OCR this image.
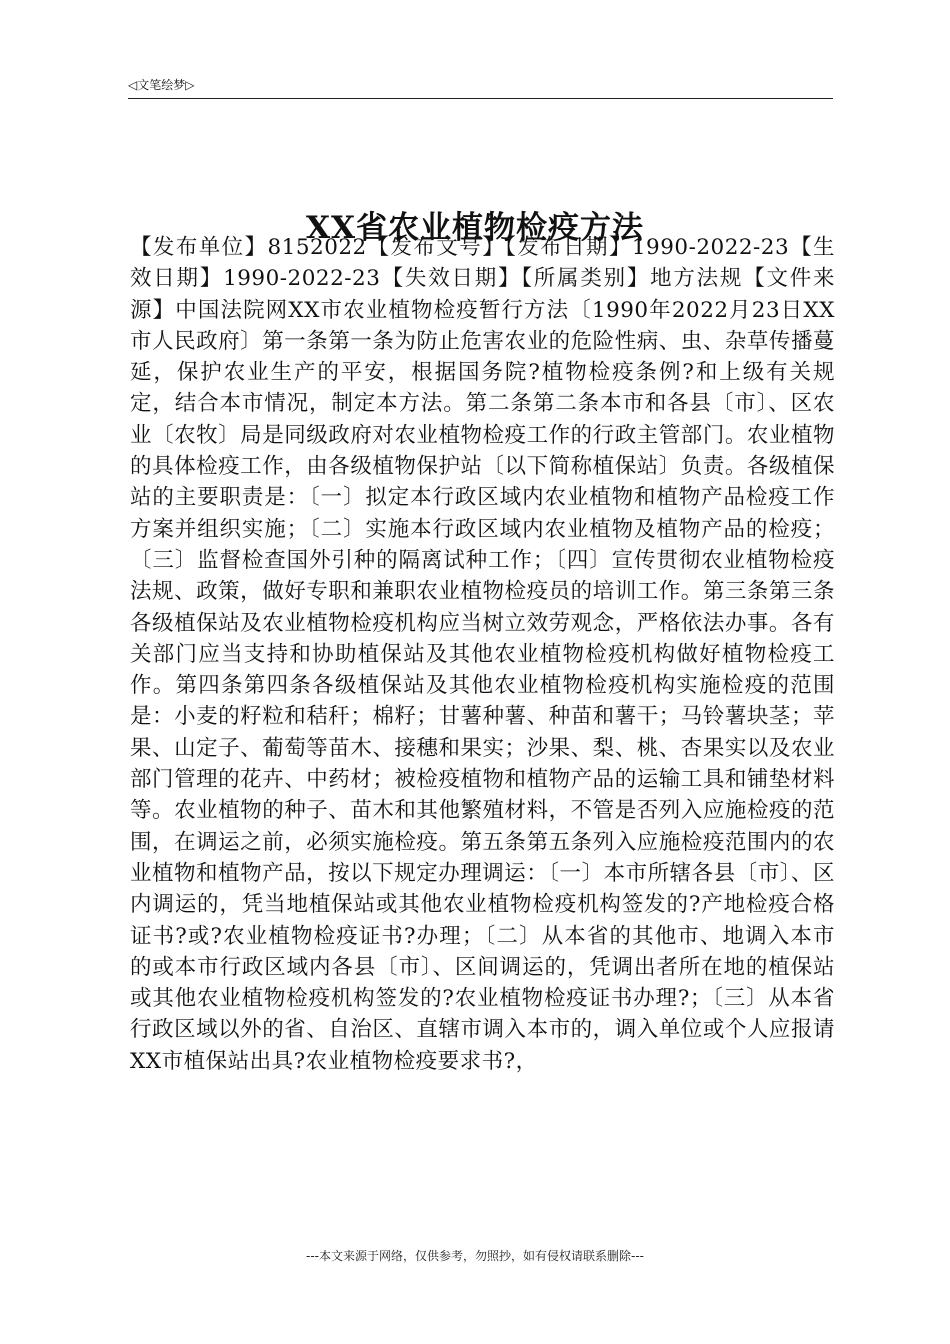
◁文笔绘梦▷
XX省农业植物检疫方法

【发布单位】8152022【发布文号】【发布日期】1990-2022-23【生效日期】1990-2022-23【失效日期】【所属类别】地方法规【文件来源】中国法院网XX市农业植物检疫暂行方法〔1990年2022月23日XX市人民政府〕第一条第一条为防止危害农业的危险性病、虫、杂草传播蔓延，保护农业生产的平安，根据国务院?植物检疫条例?和上级有关规定，结合本市情况，制定本方法。第二条第二条本市和各县〔市〕、区农业〔农牧〕局是同级政府对农业植物检疫工作的行政主管部门。农业植物的具体检疫工作，由各级植物保护站〔以下简称植保站〕负责。各级植保站的主要职责是：〔一〕拟定本行政区域内农业植物和植物产品检疫工作方案并组织实施；〔二〕实施本行政区域内农业植物及植物产品的检疫；〔三〕监督检查国外引种的隔离试种工作；〔四〕宣传贯彻农业植物检疫法规、政策，做好专职和兼职农业植物检疫员的培训工作。第三条第三条各级植保站及农业植物检疫机构应当树立效劳观念，严格依法办事。各有关部门应当支持和协助植保站及其他农业植物检疫机构做好植物检疫工作。第四条第四条各级植保站及其他农业植物检疫机构实施检疫的范围是：小麦的籽粒和秸秆；棉籽；甘薯种薯、种苗和薯干；马铃薯块茎；苹果、山定子、葡萄等苗木、接穗和果实；沙果、梨、桃、杏果实以及农业部门管理的花卉、中药材；被检疫植物和植物产品的运输工具和铺垫材料等。农业植物的种子、苗木和其他繁殖材料，不管是否列入应施检疫的范围，在调运之前，必须实施检疫。第五条第五条列入应施检疫范围内的农业植物和植物产品，按以下规定办理调运：〔一〕本市所辖各县〔市〕、区内调运的，凭当地植保站或其他农业植物检疫机构签发的?产地检疫合格证书?或?农业植物检疫证书?办理；〔二〕从本省的其他市、地调入本市的或本市行政区域内各县〔市〕、区间调运的，凭调出者所在地的植保站或其他农业植物检疫机构签发的?农业植物检疫证书办理?；〔三〕从本省行政区域以外的省、自治区、直辖市调入本市的，调入单位或个人应报请XX市植保站出具?农业植物检疫要求书?，

---本文来源于网络，仅供参考，勿照抄，如有侵权请联系删除---
